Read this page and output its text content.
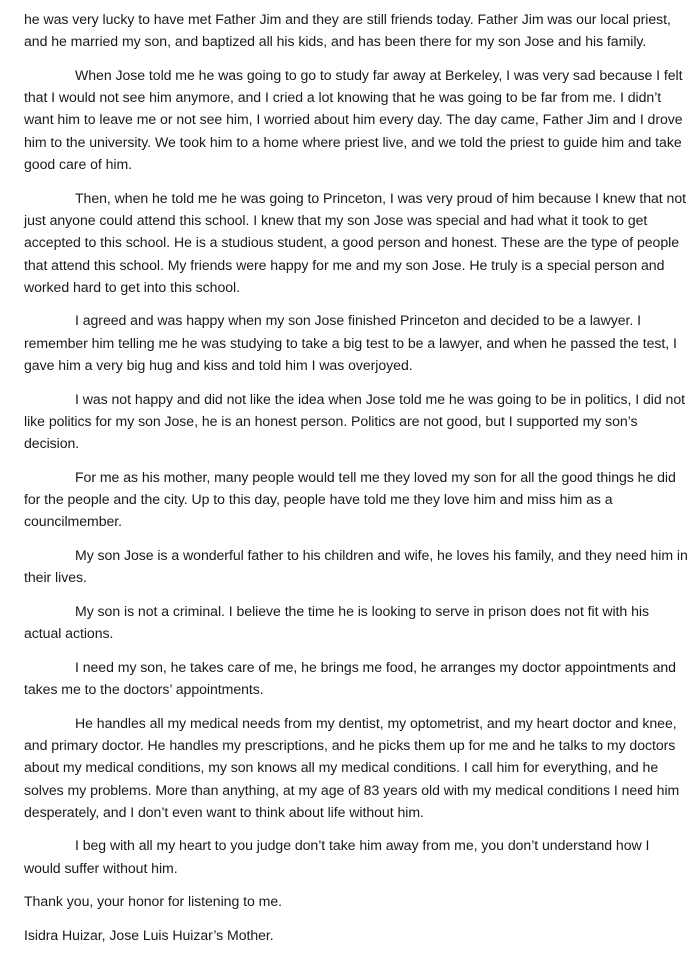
he was very lucky to have met Father Jim and they are still friends today. Father Jim was our local priest, and he married my son, and baptized all his kids, and has been there for my son Jose and his family.

When Jose told me he was going to go to study far away at Berkeley, I was very sad because I felt that I would not see him anymore, and I cried a lot knowing that he was going to be far from me. I didn’t want him to leave me or not see him, I worried about him every day. The day came, Father Jim and I drove him to the university. We took him to a home where priest live, and we told the priest to guide him and take good care of him.

Then, when he told me he was going to Princeton, I was very proud of him because I knew that not just anyone could attend this school. I knew that my son Jose was special and had what it took to get accepted to this school. He is a studious student, a good person and honest. These are the type of people that attend this school. My friends were happy for me and my son Jose. He truly is a special person and worked hard to get into this school.

I agreed and was happy when my son Jose finished Princeton and decided to be a lawyer. I remember him telling me he was studying to take a big test to be a lawyer, and when he passed the test, I gave him a very big hug and kiss and told him I was overjoyed.

I was not happy and did not like the idea when Jose told me he was going to be in politics, I did not like politics for my son Jose, he is an honest person. Politics are not good, but I supported my son’s decision.

For me as his mother, many people would tell me they loved my son for all the good things he did for the people and the city. Up to this day, people have told me they love him and miss him as a councilmember.

My son Jose is a wonderful father to his children and wife, he loves his family, and they need him in their lives.

My son is not a criminal. I believe the time he is looking to serve in prison does not fit with his actual actions.

I need my son, he takes care of me, he brings me food, he arranges my doctor appointments and takes me to the doctors’ appointments.

He handles all my medical needs from my dentist, my optometrist, and my heart doctor and knee, and primary doctor. He handles my prescriptions, and he picks them up for me and he talks to my doctors about my medical conditions, my son knows all my medical conditions. I call him for everything, and he solves my problems. More than anything, at my age of 83 years old with my medical conditions I need him desperately, and I don’t even want to think about life without him.

I beg with all my heart to you judge don’t take him away from me, you don’t understand how I would suffer without him.

Thank you, your honor for listening to me.

Isidra Huizar, Jose Luis Huizar’s Mother.
